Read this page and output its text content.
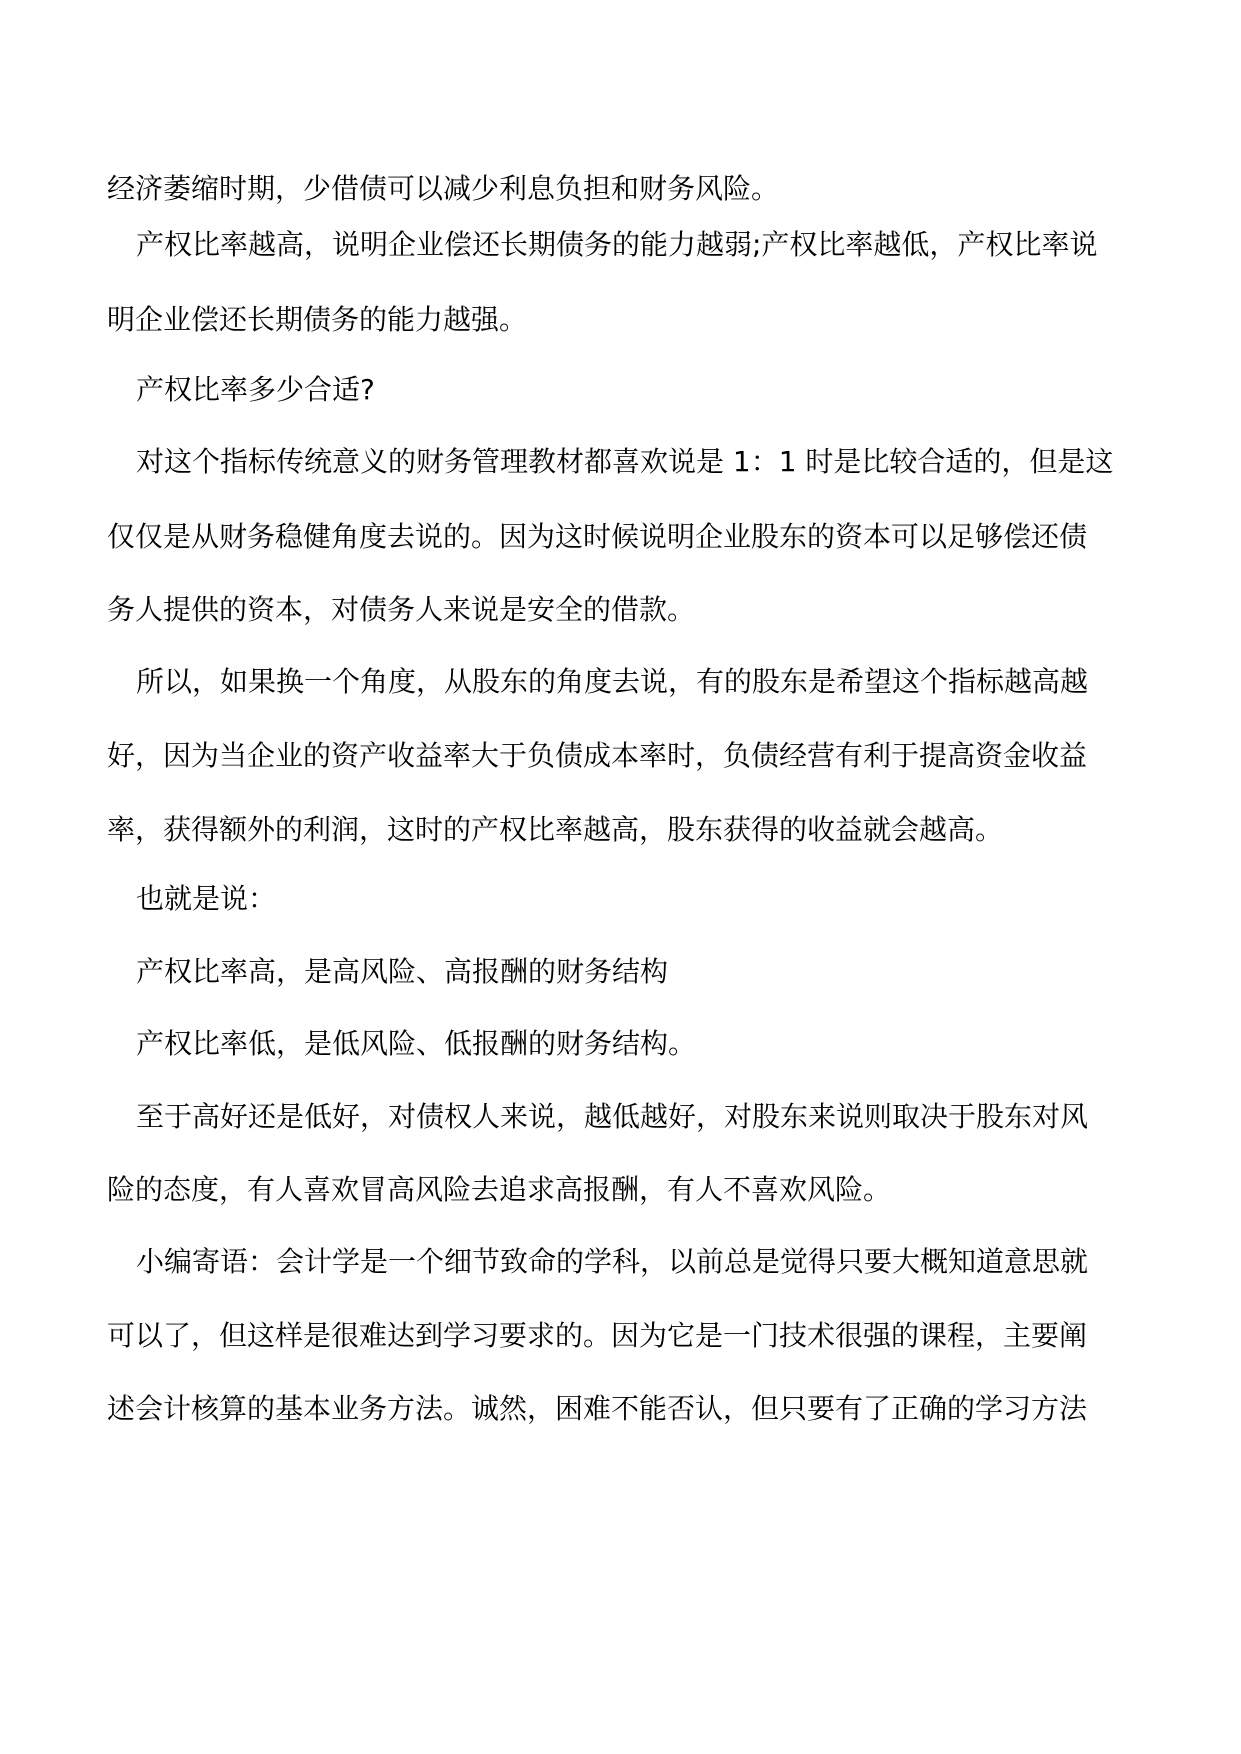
经济萎缩时期，少借债可以减少利息负担和财务风险。

产权比率越高，说明企业偿还长期债务的能力越弱;产权比率越低，产权比率说

明企业偿还长期债务的能力越强。

产权比率多少合适?

对这个指标传统意义的财务管理教材都喜欢说是 1：1 时是比较合适的，但是这

仅仅是从财务稳健角度去说的。因为这时候说明企业股东的资本可以足够偿还债

务人提供的资本，对债务人来说是安全的借款。

所以，如果换一个角度，从股东的角度去说，有的股东是希望这个指标越高越

好，因为当企业的资产收益率大于负债成本率时，负债经营有利于提高资金收益

率，获得额外的利润，这时的产权比率越高，股东获得的收益就会越高。

也就是说：

产权比率高，是高风险、高报酬的财务结构

产权比率低，是低风险、低报酬的财务结构。

至于高好还是低好，对债权人来说，越低越好，对股东来说则取决于股东对风

险的态度，有人喜欢冒高风险去追求高报酬，有人不喜欢风险。

小编寄语：会计学是一个细节致命的学科，以前总是觉得只要大概知道意思就

可以了，但这样是很难达到学习要求的。因为它是一门技术很强的课程，主要阐

述会计核算的基本业务方法。诚然，困难不能否认，但只要有了正确的学习方法
